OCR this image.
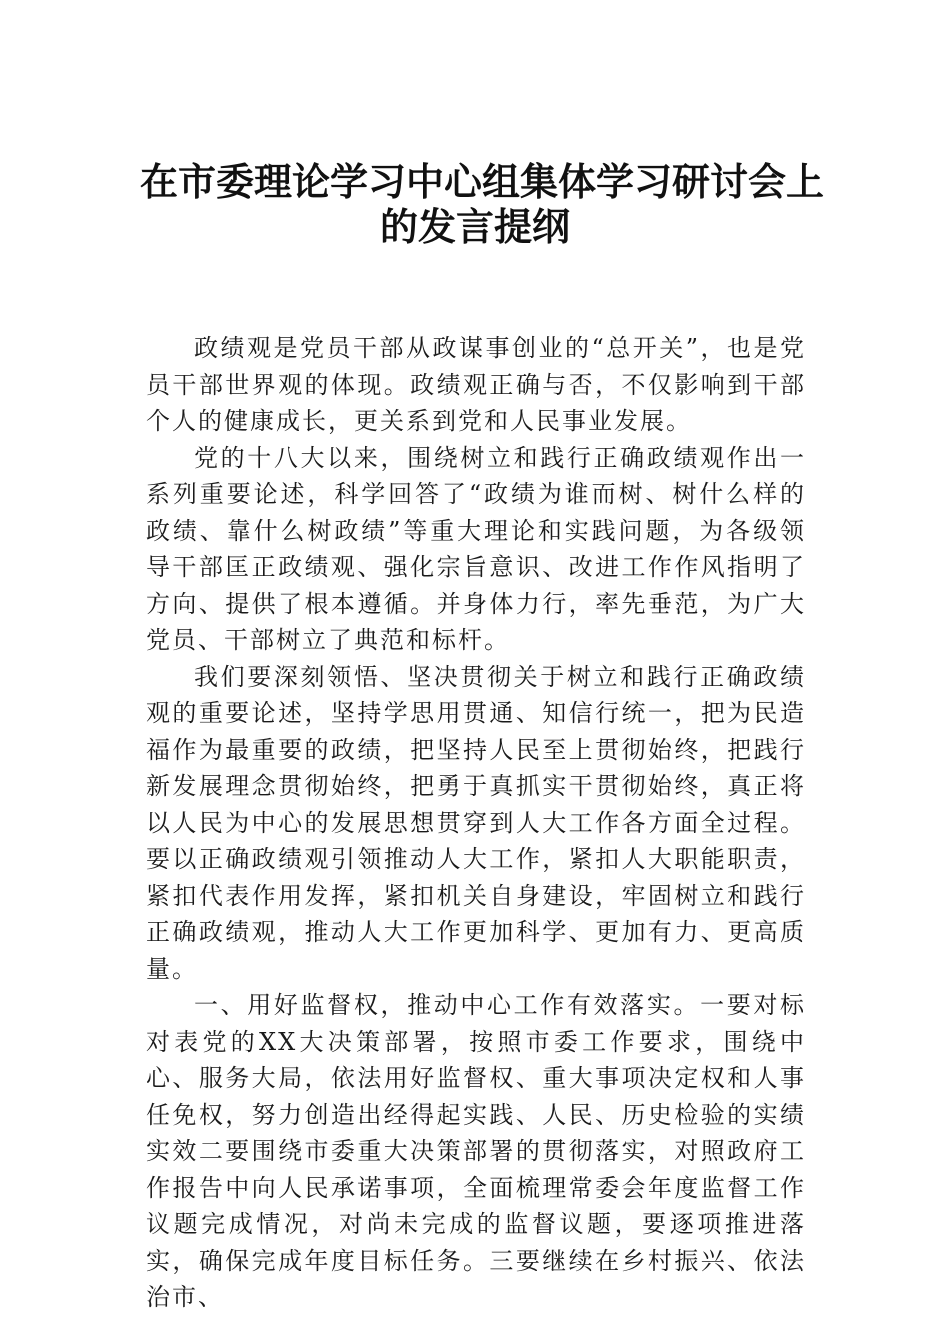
在市委理论学习中心组集体学习研讨会上
的发言提纲

政绩观是党员干部从政谋事创业的“总开关”，也是党员干部世界观的体现。政绩观正确与否，不仅影响到干部个人的健康成长，更关系到党和人民事业发展。

党的十八大以来，围绕树立和践行正确政绩观作出一系列重要论述，科学回答了“政绩为谁而树、树什么样的政绩、靠什么树政绩”等重大理论和实践问题，为各级领导干部匡正政绩观、强化宗旨意识、改进工作作风指明了方向、提供了根本遵循。并身体力行，率先垂范，为广大党员、干部树立了典范和标杆。

我们要深刻领悟、坚决贯彻关于树立和践行正确政绩观的重要论述，坚持学思用贯通、知信行统一，把为民造福作为最重要的政绩，把坚持人民至上贯彻始终，把践行新发展理念贯彻始终，把勇于真抓实干贯彻始终，真正将以人民为中心的发展思想贯穿到人大工作各方面全过程。要以正确政绩观引领推动人大工作，紧扣人大职能职责，紧扣代表作用发挥，紧扣机关自身建设，牢固树立和践行正确政绩观，推动人大工作更加科学、更加有力、更高质量。

一、用好监督权，推动中心工作有效落实。一要对标对表党的XX大决策部署，按照市委工作要求，围绕中心、服务大局，依法用好监督权、重大事项决定权和人事任免权，努力创造出经得起实践、人民、历史检验的实绩实效二要围绕市委重大决策部署的贯彻落实，对照政府工作报告中向人民承诺事项，全面梳理常委会年度监督工作议题完成情况，对尚未完成的监督议题，要逐项推进落实，确保完成年度目标任务。三要继续在乡村振兴、依法治市、
